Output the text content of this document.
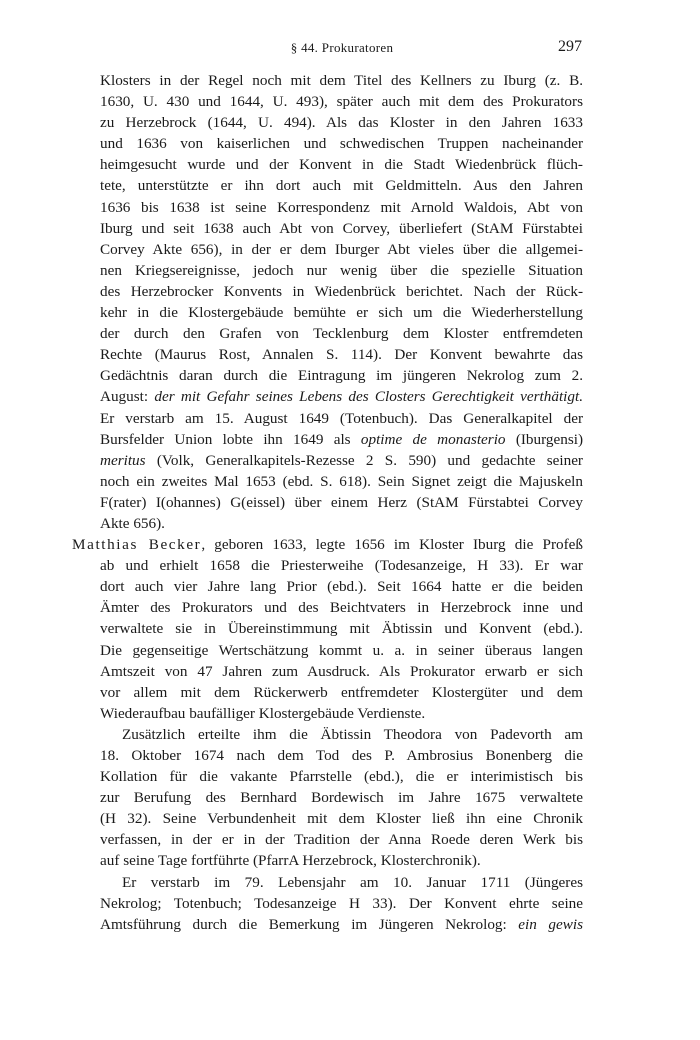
§ 44. Prokuratoren	297
Klosters in der Regel noch mit dem Titel des Kellners zu Iburg (z. B.
1630, U. 430 und 1644, U. 493), später auch mit dem des Prokurators
zu Herzebrock (1644, U. 494). Als das Kloster in den Jahren 1633
und 1636 von kaiserlichen und schwedischen Truppen nacheinander
heimgesucht wurde und der Konvent in die Stadt Wiedenbrück flüch-
tete, unterstützte er ihn dort auch mit Geldmitteln. Aus den Jahren
1636 bis 1638 ist seine Korrespondenz mit Arnold Waldois, Abt von
Iburg und seit 1638 auch Abt von Corvey, überliefert (StAM Fürstabtei
Corvey Akte 656), in der er dem Iburger Abt vieles über die allgemei-
nen Kriegsereignisse, jedoch nur wenig über die spezielle Situation
des Herzebrocker Konvents in Wiedenbrück berichtet. Nach der Rück-
kehr in die Klostergebäude bemühte er sich um die Wiederherstellung
der durch den Grafen von Tecklenburg dem Kloster entfremdeten
Rechte (Maurus Rost, Annalen S. 114). Der Konvent bewahrte das
Gedächtnis daran durch die Eintragung im jüngeren Nekrolog zum 2.
August: der mit Gefahr seines Lebens des Closters Gerechtigkeit verthätigt.
Er verstarb am 15. August 1649 (Totenbuch). Das Generalkapitel der
Bursfelder Union lobte ihn 1649 als optime de monasterio (Iburgensi)
meritus (Volk, Generalkapitels-Rezesse 2 S. 590) und gedachte seiner
noch ein zweites Mal 1653 (ebd. S. 618). Sein Signet zeigt die Majuskeln
F(rater) I(ohannes) G(eissel) über einem Herz (StAM Fürstabtei Corvey
Akte 656).
Matthias Becker, geboren 1633, legte 1656 im Kloster Iburg die Profeß
ab und erhielt 1658 die Priesterweihe (Todesanzeige, H 33). Er war
dort auch vier Jahre lang Prior (ebd.). Seit 1664 hatte er die beiden
Ämter des Prokurators und des Beichtvaters in Herzebrock inne und
verwaltete sie in Übereinstimmung mit Äbtissin und Konvent (ebd.).
Die gegenseitige Wertschätzung kommt u. a. in seiner überaus langen
Amtszeit von 47 Jahren zum Ausdruck. Als Prokurator erwarb er sich
vor allem mit dem Rückerwerb entfremdeter Klostergüter und dem
Wiederaufbau baufälliger Klostergebäude Verdienste.
Zusätzlich erteilte ihm die Äbtissin Theodora von Padevorth am
18. Oktober 1674 nach dem Tod des P. Ambrosius Bonenberg die
Kollation für die vakante Pfarrstelle (ebd.), die er interimistisch bis
zur Berufung des Bernhard Bordewisch im Jahre 1675 verwaltete
(H 32). Seine Verbundenheit mit dem Kloster ließ ihn eine Chronik
verfassen, in der er in der Tradition der Anna Roede deren Werk bis
auf seine Tage fortführte (PfarrA Herzebrock, Klosterchronik).
Er verstarb im 79. Lebensjahr am 10. Januar 1711 (Jüngeres
Nekrolog; Totenbuch; Todesanzeige H 33). Der Konvent ehrte seine
Amtsführung durch die Bemerkung im Jüngeren Nekrolog: ein gewis
